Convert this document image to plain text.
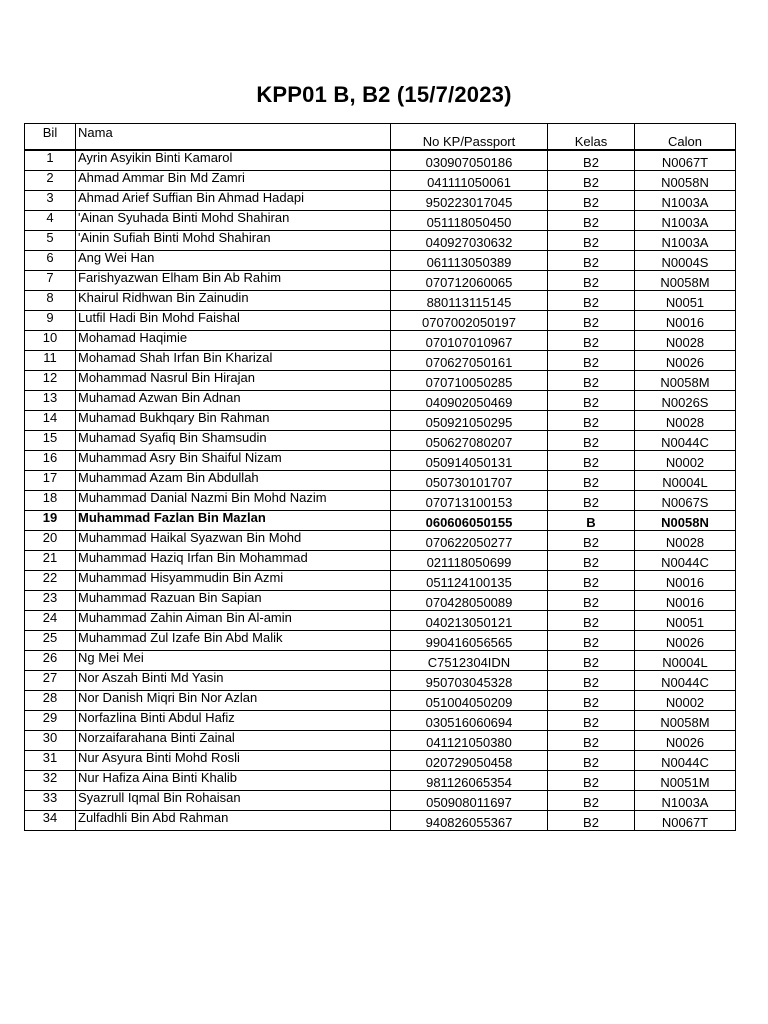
KPP01 B, B2 (15/7/2023)
Bil	Nama	No KP/Passport	Kelas	Calon
1	Ayrin Asyikin Binti Kamarol	030907050186	B2	N0067T
2	Ahmad Ammar Bin Md Zamri	041111050061	B2	N0058N
3	Ahmad Arief Suffian Bin Ahmad Hadapi	950223017045	B2	N1003A
4	'Ainan Syuhada Binti Mohd Shahiran	051118050450	B2	N1003A
5	'Ainin Sufiah Binti Mohd Shahiran	040927030632	B2	N1003A
6	Ang Wei Han	061113050389	B2	N0004S
7	Farishyazwan Elham Bin Ab Rahim	070712060065	B2	N0058M
8	Khairul Ridhwan Bin Zainudin	880113115145	B2	N0051
9	Lutfil Hadi Bin Mohd Faishal	0707002050197	B2	N0016
10	Mohamad Haqimie	070107010967	B2	N0028
11	Mohamad Shah Irfan Bin Kharizal	070627050161	B2	N0026
12	Mohammad Nasrul Bin Hirajan	070710050285	B2	N0058M
13	Muhamad Azwan Bin Adnan	040902050469	B2	N0026S
14	Muhamad Bukhqary Bin Rahman	050921050295	B2	N0028
15	Muhamad Syafiq Bin Shamsudin	050627080207	B2	N0044C
16	Muhammad Asry Bin Shaiful Nizam	050914050131	B2	N0002
17	Muhammad Azam Bin Abdullah	050730101707	B2	N0004L
18	Muhammad Danial Nazmi Bin Mohd Nazim	070713100153	B2	N0067S
19	Muhammad Fazlan Bin Mazlan	060606050155	B	N0058N
20	Muhammad Haikal Syazwan Bin Mohd	070622050277	B2	N0028
21	Muhammad Haziq Irfan Bin Mohammad	021118050699	B2	N0044C
22	Muhammad Hisyammudin Bin Azmi	051124100135	B2	N0016
23	Muhammad Razuan Bin Sapian	070428050089	B2	N0016
24	Muhammad Zahin Aiman Bin Al-amin	040213050121	B2	N0051
25	Muhammad Zul Izafe Bin Abd Malik	990416056565	B2	N0026
26	Ng Mei Mei	C7512304IDN	B2	N0004L
27	Nor Aszah Binti Md Yasin	950703045328	B2	N0044C
28	Nor Danish Miqri Bin Nor Azlan	051004050209	B2	N0002
29	Norfazlina Binti Abdul Hafiz	030516060694	B2	N0058M
30	Norzaifarahana Binti Zainal	041121050380	B2	N0026
31	Nur Asyura Binti Mohd Rosli	020729050458	B2	N0044C
32	Nur Hafiza Aina Binti Khalib	981126065354	B2	N0051M
33	Syazrull Iqmal Bin Rohaisan	050908011697	B2	N1003A
34	Zulfadhli Bin Abd Rahman	940826055367	B2	N0067T
